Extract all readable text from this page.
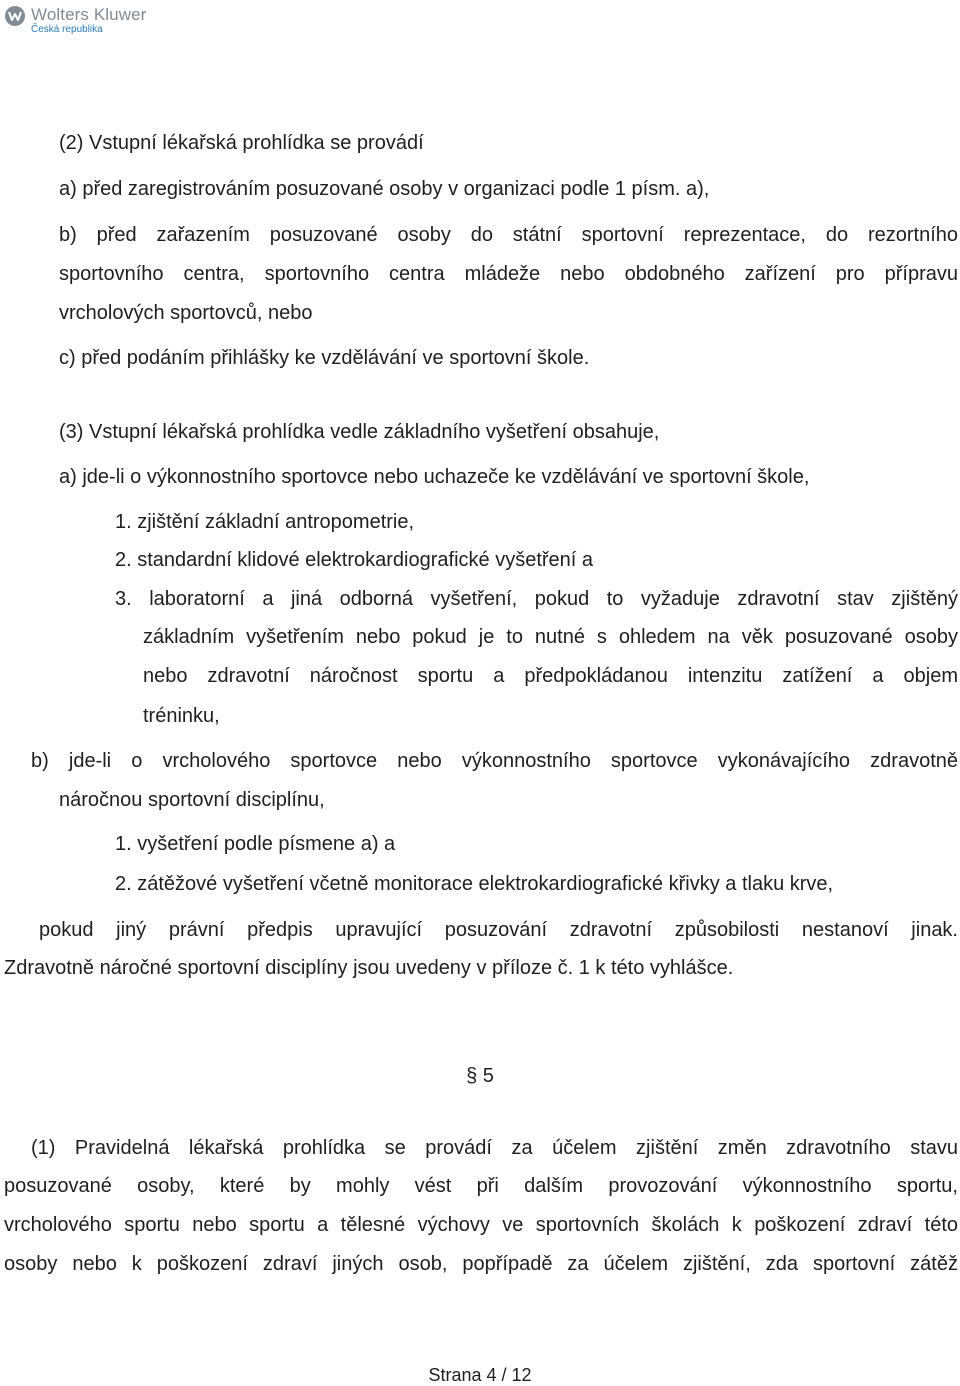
Wolters Kluwer
Česká republika
(2) Vstupní lékařská prohlídka se provádí
a) před zaregistrováním posuzované osoby v organizaci podle 1 písm. a),
b) před zařazením posuzované osoby do státní sportovní reprezentace, do rezortního
sportovního centra, sportovního centra mládeže nebo obdobného zařízení pro přípravu
vrcholových sportovců, nebo
c) před podáním přihlášky ke vzdělávání ve sportovní škole.
(3) Vstupní lékařská prohlídka vedle základního vyšetření obsahuje,
a) jde-li o výkonnostního sportovce nebo uchazeče ke vzdělávání ve sportovní škole,
1. zjištění základní antropometrie,
2. standardní klidové elektrokardiografické vyšetření a
3. laboratorní a jiná odborná vyšetření, pokud to vyžaduje zdravotní stav zjištěný
základním vyšetřením nebo pokud je to nutné s ohledem na věk posuzované osoby
nebo zdravotní náročnost sportu a předpokládanou intenzitu zatížení a objem
tréninku,
b) jde-li o vrcholového sportovce nebo výkonnostního sportovce vykonávajícího zdravotně
náročnou sportovní disciplínu,
1. vyšetření podle písmene a) a
2. zátěžové vyšetření včetně monitorace elektrokardiografické křivky a tlaku krve,
pokud jiný právní předpis upravující posuzování zdravotní způsobilosti nestanoví jinak.
Zdravotně náročné sportovní disciplíny jsou uvedeny v příloze č. 1 k této vyhlášce.
§ 5
(1) Pravidelná lékařská prohlídka se provádí za účelem zjištění změn zdravotního stavu
posuzované osoby, které by mohly vést při dalším provozování výkonnostního sportu,
vrcholového sportu nebo sportu a tělesné výchovy ve sportovních školách k poškození zdraví této
osoby nebo k poškození zdraví jiných osob, popřípadě za účelem zjištění, zda sportovní zátěž
Strana 4 / 12
